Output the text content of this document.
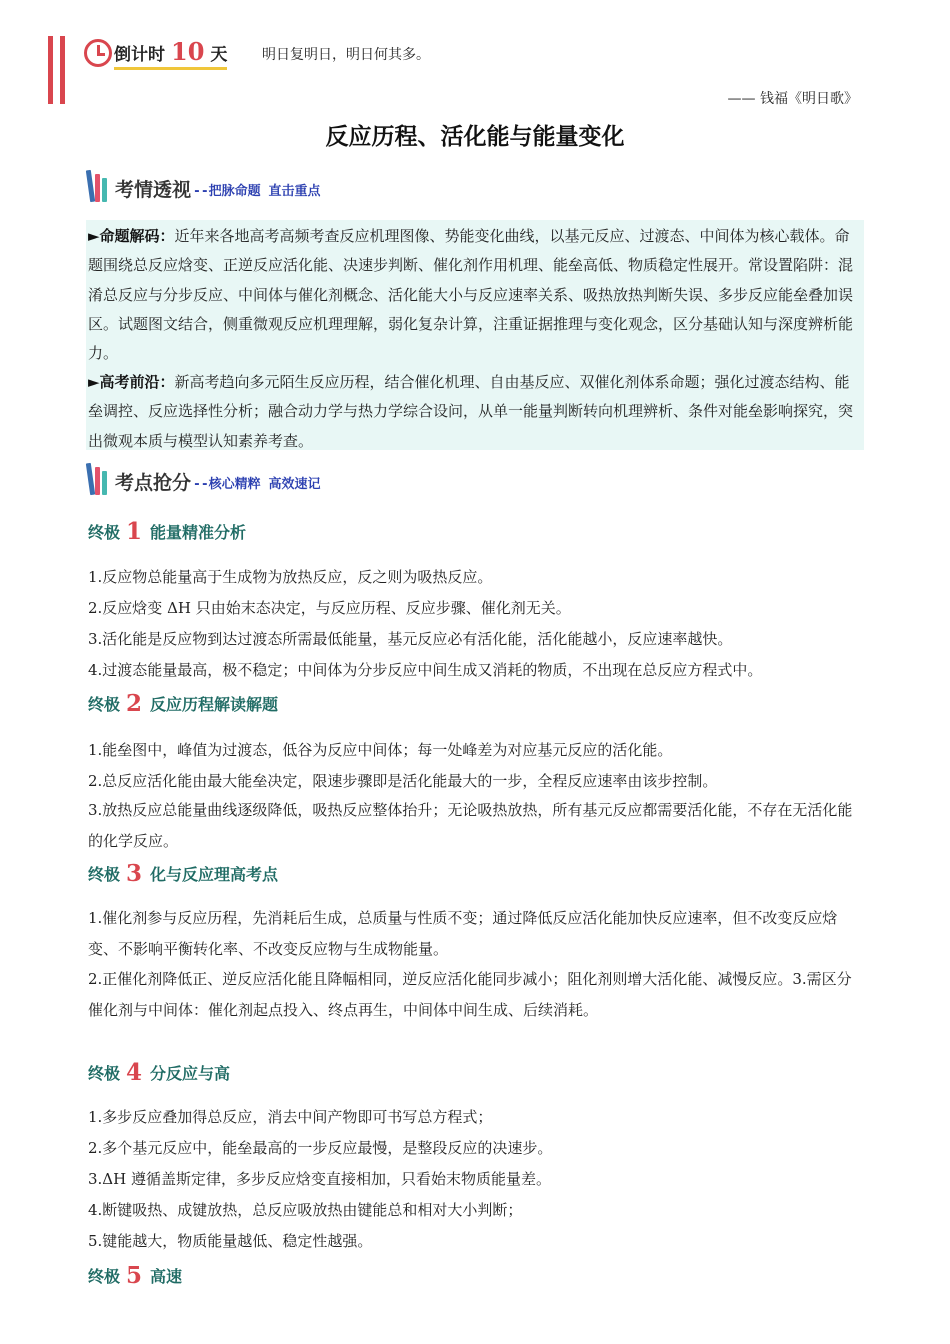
倒计时 10 天 明日复明日，明日何其多。
—— 钱福《明日歌》
反应历程、活化能与能量变化
考情透视 --把脉命题 直击重点
►命题解码：近年来各地高考高频考查反应机理图像、势能变化曲线，以基元反应、过渡态、中间体为核心载体。命题围绕总反应焓变、正逆反应活化能、决速步判断、催化剂作用机理、能垒高低、物质稳定性展开。常设置陷阱：混淆总反应与分步反应、中间体与催化剂概念、活化能大小与反应速率关系、吸热放热判断失误、多步反应能垒叠加误区。试题图文结合，侧重微观反应机理理解，弱化复杂计算，注重证据推理与变化观念，区分基础认知与深度辨析能力。
►高考前沿：新高考趋向多元陌生反应历程，结合催化机理、自由基反应、双催化剂体系命题；强化过渡态结构、能垒调控、反应选择性分析；融合动力学与热力学综合设问，从单一能量判断转向机理辨析、条件对能垒影响探究，突出微观本质与模型认知素养考查。
考点抢分 --核心精粹 高效速记
终极 1 能量精准分析
1.反应物总能量高于生成物为放热反应，反之则为吸热反应。
2.反应焓变 ΔH 只由始末态决定，与反应历程、反应步骤、催化剂无关。
3.活化能是反应物到达过渡态所需最低能量，基元反应必有活化能，活化能越小，反应速率越快。
4.过渡态能量最高，极不稳定；中间体为分步反应中间生成又消耗的物质，不出现在总反应方程式中。
终极 2 反应历程解读解题
1.能垒图中，峰值为过渡态，低谷为反应中间体；每一处峰差为对应基元反应的活化能。
2.总反应活化能由最大能垒决定，限速步骤即是活化能最大的一步，全程反应速率由该步控制。
3.放热反应总能量曲线逐级降低，吸热反应整体抬升；无论吸热放热，所有基元反应都需要活化能，不存在无活化能的化学反应。
终极 3 化与反应理高考点
1.催化剂参与反应历程，先消耗后生成，总质量与性质不变；通过降低反应活化能加快反应速率，但不改变反应焓变、不影响平衡转化率、不改变反应物与生成物能量。
2.正催化剂降低正、逆反应活化能且降幅相同，逆反应活化能同步减小；阻化剂则增大活化能、减慢反应。3.需区分催化剂与中间体：催化剂起点投入、终点再生，中间体中间生成、后续消耗。
终极 4 分反应与高
1.多步反应叠加得总反应，消去中间产物即可书写总方程式；
2.多个基元反应中，能垒最高的一步反应最慢，是整段反应的决速步。
3.ΔH 遵循盖斯定律，多步反应焓变直接相加，只看始末物质能量差。
4.断键吸热、成键放热，总反应吸放热由键能总和相对大小判断；
5.键能越大，物质能量越低、稳定性越强。
终极 5 高速
